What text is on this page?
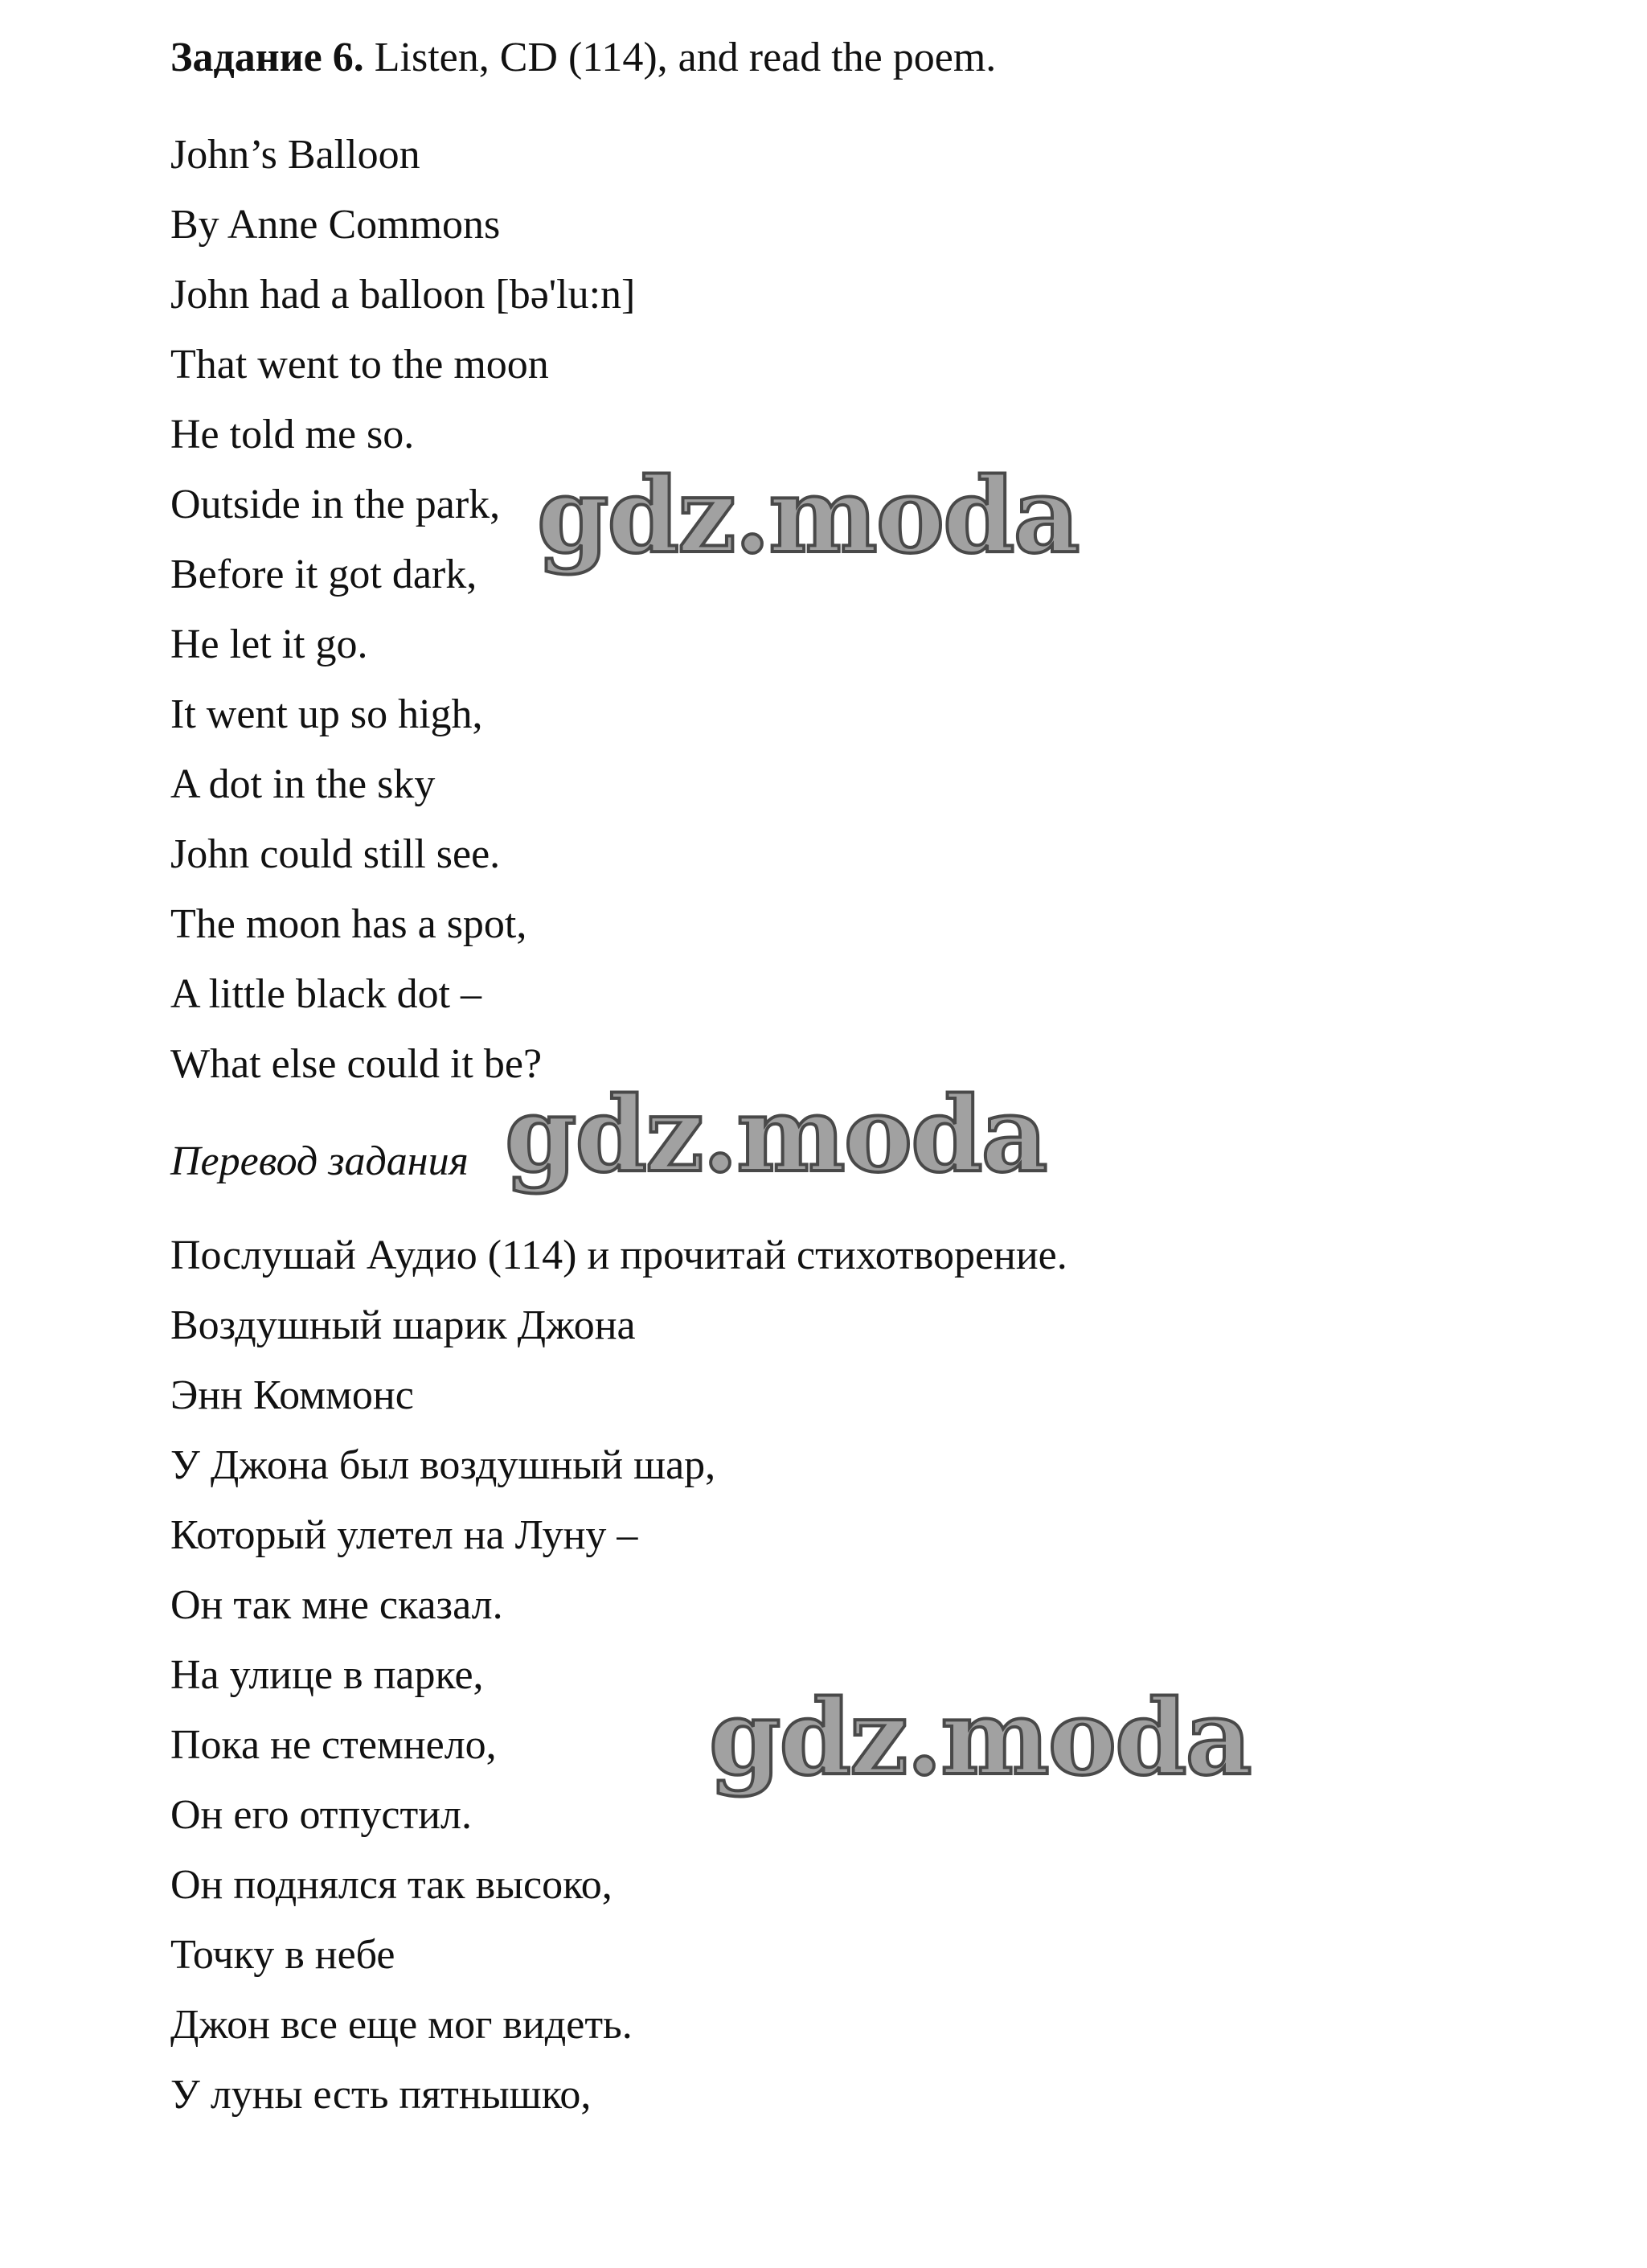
Задание 6. Listen, CD (114), and read the poem.
John’s Balloon
By Anne Commons
John had a balloon [bə'lu:n]
That went to the moon
He told me so.
Outside in the park,
Before it got dark,
He let it go.
It went up so high,
A dot in the sky
John could still see.
The moon has a spot,
A little black dot –
What else could it be?
Перевод задания
Послушай Аудио (114) и прочитай стихотворение.
Воздушный шарик Джона
Энн Коммонс
У Джона был воздушный шар,
Который улетел на Луну –
Он так мне сказал.
На улице в парке,
Пока не стемнело,
Он его отпустил.
Он поднялся так высоко,
Точку в небе
Джон все еще мог видеть.
У луны есть пятнышко,
gdz.moda
gdz.moda
gdz.moda
